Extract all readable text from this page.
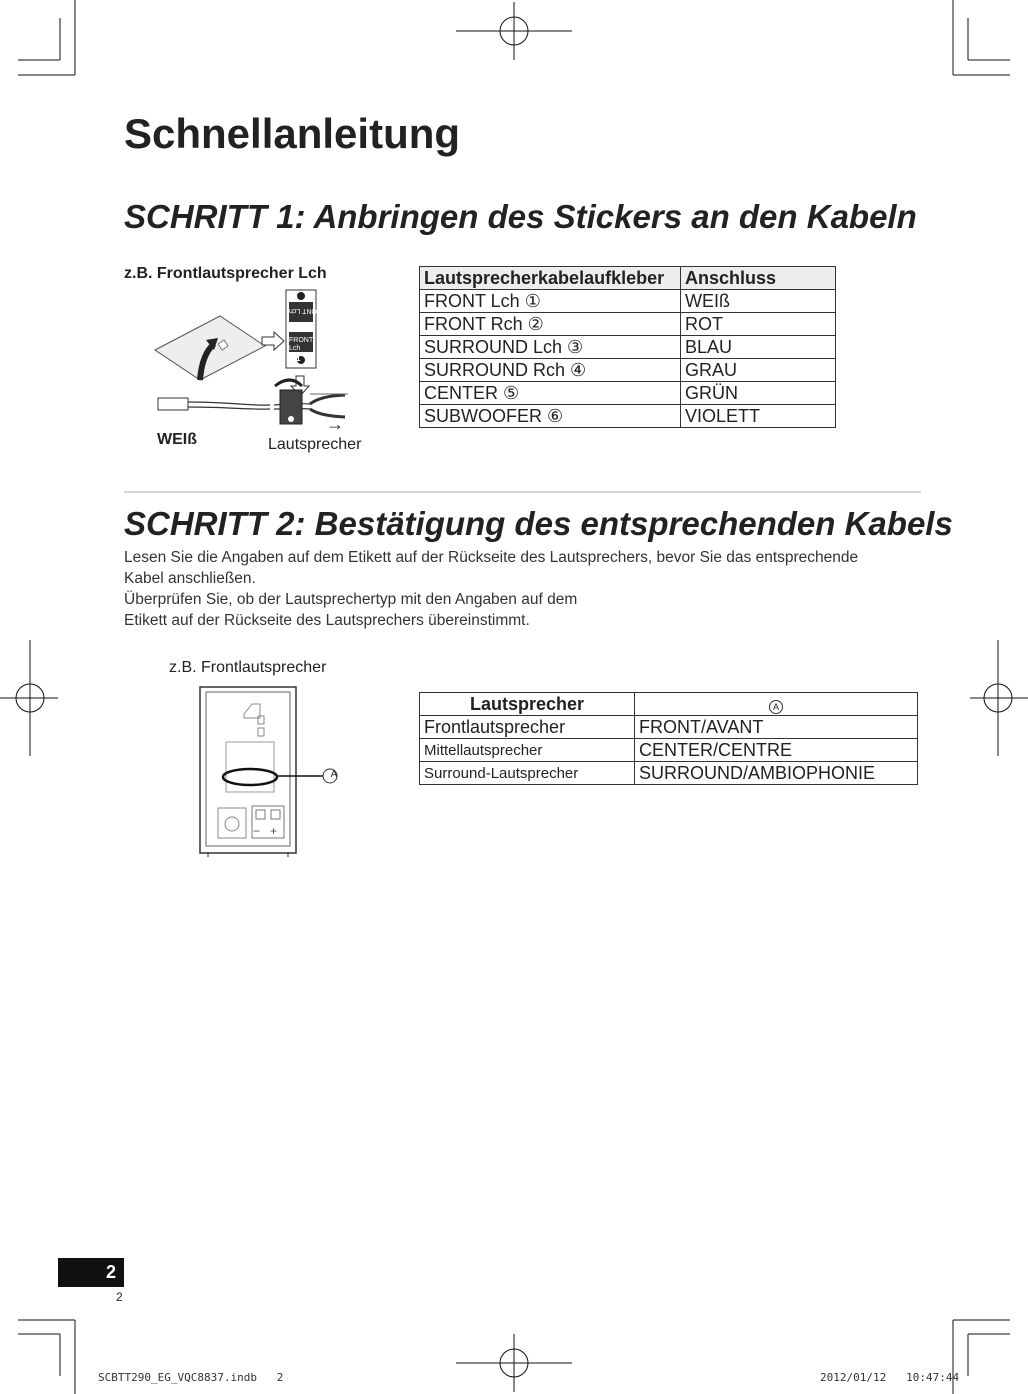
Schnellanleitung
SCHRITT 1: Anbringen des Stickers an den Kabeln
z.B. Frontlautsprecher Lch
FRONT Lch
FRONT
Lch
1
WEIß
→
Lautsprecher
Lautsprecherkabelaufkleber	Anschluss
FRONT Lch ①	WEIß
FRONT Rch ②	ROT
SURROUND Lch ③	BLAU
SURROUND Rch ④	GRAU
CENTER ⑤	GRÜN
SUBWOOFER ⑥	VIOLETT
SCHRITT 2: Bestätigung des entsprechenden Kabels
Lesen Sie die Angaben auf dem Etikett auf der Rückseite des Lautsprechers, bevor Sie das entsprechende
Kabel anschließen.
Überprüfen Sie, ob der Lautsprechertyp mit den Angaben auf dem
Etikett auf der Rückseite des Lautsprechers übereinstimmt.
z.B. Frontlautsprecher
A
− +
Lautsprecher	A
Frontlautsprecher	FRONT/AVANT
Mittellautsprecher	CENTER/CENTRE
Surround-Lautsprecher	SURROUND/AMBIOPHONIE
2
2
SCBTT290_EG_VQC8837.indb   2	2012/01/12   10:47:44
